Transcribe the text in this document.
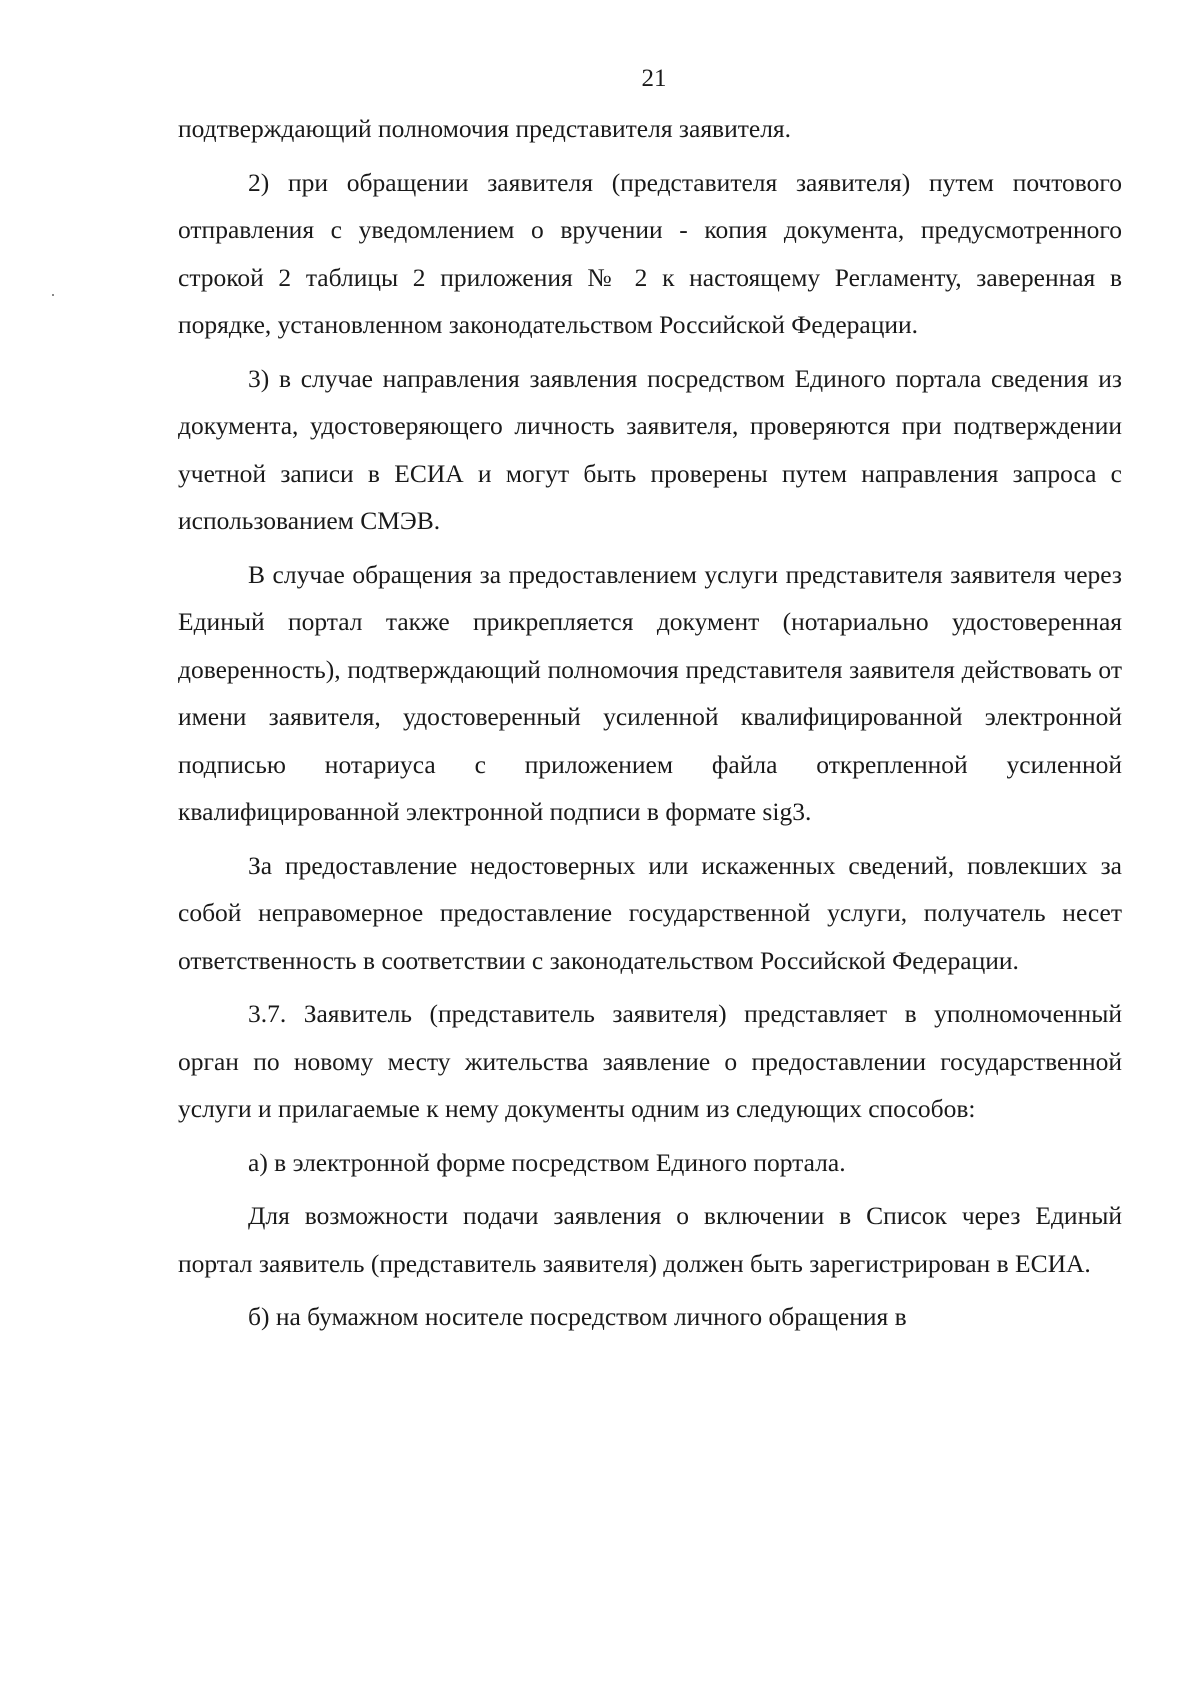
21

подтверждающий полномочия представителя заявителя.

2) при обращении заявителя (представителя заявителя) путем почтового отправления с уведомлением о вручении - копия документа, предусмотренного строкой 2 таблицы 2 приложения № 2 к настоящему Регламенту, заверенная в порядке, установленном законодательством Российской Федерации.

3) в случае направления заявления посредством Единого портала сведения из документа, удостоверяющего личность заявителя, проверяются при подтверждении учетной записи в ЕСИА и могут быть проверены путем направления запроса с использованием СМЭВ.

В случае обращения за предоставлением услуги представителя заявителя через Единый портал также прикрепляется документ (нотариально удостоверенная доверенность), подтверждающий полномочия представителя заявителя действовать от имени заявителя, удостоверенный усиленной квалифицированной электронной подписью нотариуса с приложением файла открепленной усиленной квалифицированной электронной подписи в формате sig3.

За предоставление недостоверных или искаженных сведений, повлекших за собой неправомерное предоставление государственной услуги, получатель несет ответственность в соответствии с законодательством Российской Федерации.

3.7. Заявитель (представитель заявителя) представляет в уполномоченный орган по новому месту жительства заявление о предоставлении государственной услуги и прилагаемые к нему документы одним из следующих способов:

а) в электронной форме посредством Единого портала.

Для возможности подачи заявления о включении в Список через Единый портал заявитель (представитель заявителя) должен быть зарегистрирован в ЕСИА.

б) на бумажном носителе посредством личного обращения в
